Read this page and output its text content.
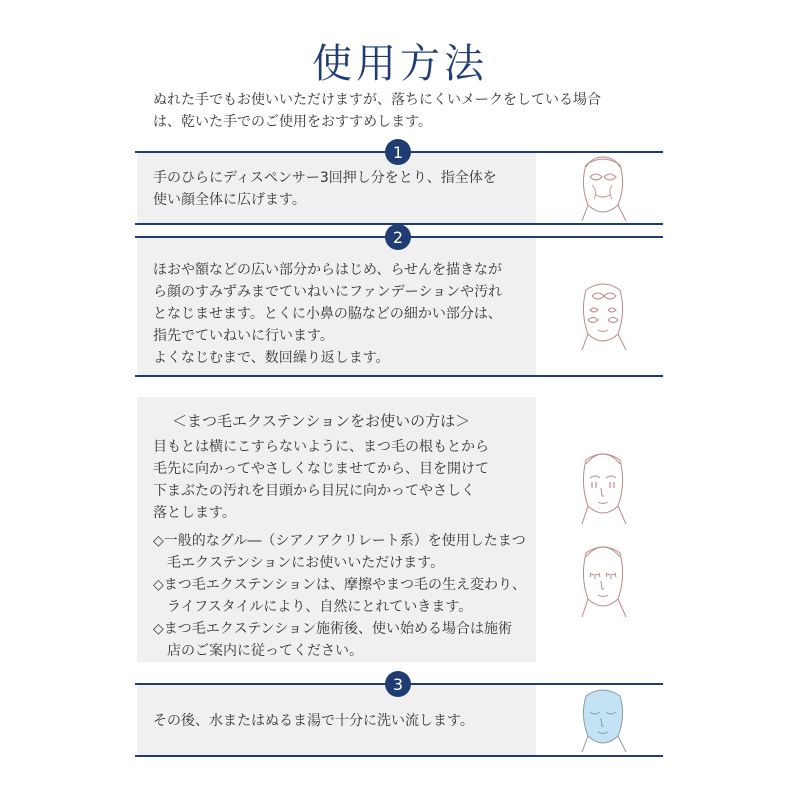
使用方法
ぬれた手でもお使いいただけますが、落ちにくいメークをしている場合
は、乾いた手でのご使用をおすすめします。
1
手のひらにディスペンサー3回押し分をとり、指全体を
使い顔全体に広げます。
2
ほおや額などの広い部分からはじめ、らせんを描きなが
ら顔のすみずみまでていねいにファンデーションや汚れ
となじませます。とくに小鼻の脇などの細かい部分は、
指先でていねいに行います。
よくなじむまで、数回繰り返します。
＜まつ毛エクステンションをお使いの方は＞
目もとは横にこすらないように、まつ毛の根もとから
毛先に向かってやさしくなじませてから、目を開けて
下まぶたの汚れを目頭から目尻に向かってやさしく
落とします。
◇一般的なグル―（シアノアクリレート系）を使用したまつ
毛エクステンションにお使いいただけます。
◇まつ毛エクステンションは、摩擦やまつ毛の生え変わり、
ライフスタイルにより、自然にとれていきます。
◇まつ毛エクステンション施術後、使い始める場合は施術
店のご案内に従ってください。
3
その後、水またはぬるま湯で十分に洗い流します。
